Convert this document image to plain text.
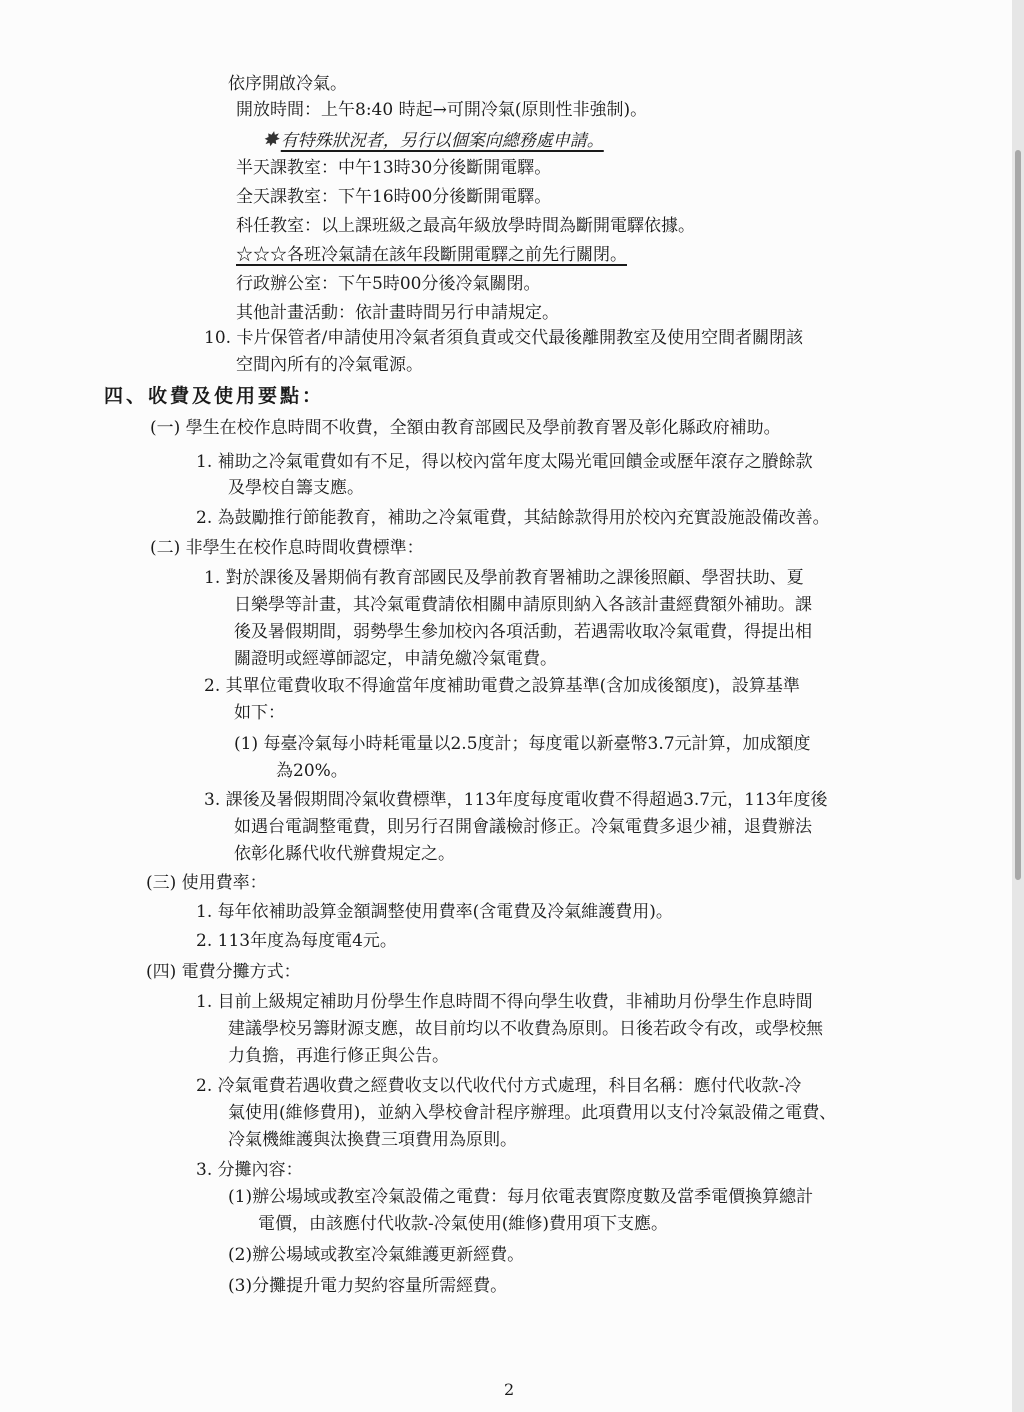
依序開啟冷氣。
開放時間：上午8:40 時起→可開冷氣(原則性非強制)。
✸ 有特殊狀況者，另行以個案向總務處申請。
半天課教室：中午13時30分後斷開電驛。
全天課教室：下午16時00分後斷開電驛。
科任教室：以上課班級之最高年級放學時間為斷開電驛依據。
☆☆☆各班冷氣請在該年段斷開電驛之前先行關閉。
行政辦公室：下午5時00分後冷氣關閉。
其他計畫活動：依計畫時間另行申請規定。
10. 卡片保管者/申請使用冷氣者須負責或交代最後離開教室及使用空間者關閉該
空間內所有的冷氣電源。
四、收費及使用要點：
(一) 學生在校作息時間不收費，全額由教育部國民及學前教育署及彰化縣政府補助。
1. 補助之冷氣電費如有不足，得以校內當年度太陽光電回饋金或歷年滾存之賸餘款
及學校自籌支應。
2. 為鼓勵推行節能教育，補助之冷氣電費，其結餘款得用於校內充實設施設備改善。
(二) 非學生在校作息時間收費標準：
1. 對於課後及暑期倘有教育部國民及學前教育署補助之課後照顧、學習扶助、夏
日樂學等計畫，其冷氣電費請依相關申請原則納入各該計畫經費額外補助。課
後及暑假期間，弱勢學生參加校內各項活動，若遇需收取冷氣電費，得提出相
關證明或經導師認定，申請免繳冷氣電費。
2. 其單位電費收取不得逾當年度補助電費之設算基準(含加成後額度)，設算基準
如下：
(1) 每臺冷氣每小時耗電量以2.5度計；每度電以新臺幣3.7元計算，加成額度
為20%。
3. 課後及暑假期間冷氣收費標準，113年度每度電收費不得超過3.7元，113年度後
如遇台電調整電費，則另行召開會議檢討修正。冷氣電費多退少補，退費辦法
依彰化縣代收代辦費規定之。
(三) 使用費率：
1. 每年依補助設算金額調整使用費率(含電費及冷氣維護費用)。
2. 113年度為每度電4元。
(四) 電費分攤方式：
1. 目前上級規定補助月份學生作息時間不得向學生收費，非補助月份學生作息時間
建議學校另籌財源支應，故目前均以不收費為原則。日後若政令有改，或學校無
力負擔，再進行修正與公告。
2. 冷氣電費若遇收費之經費收支以代收代付方式處理，科目名稱：應付代收款-冷
氣使用(維修費用)，並納入學校會計程序辦理。此項費用以支付冷氣設備之電費、
冷氣機維護與汰換費三項費用為原則。
3. 分攤內容：
(1)辦公場域或教室冷氣設備之電費：每月依電表實際度數及當季電價換算總計
電價，由該應付代收款-冷氣使用(維修)費用項下支應。
(2)辦公場域或教室冷氣維護更新經費。
(3)分攤提升電力契約容量所需經費。
2
